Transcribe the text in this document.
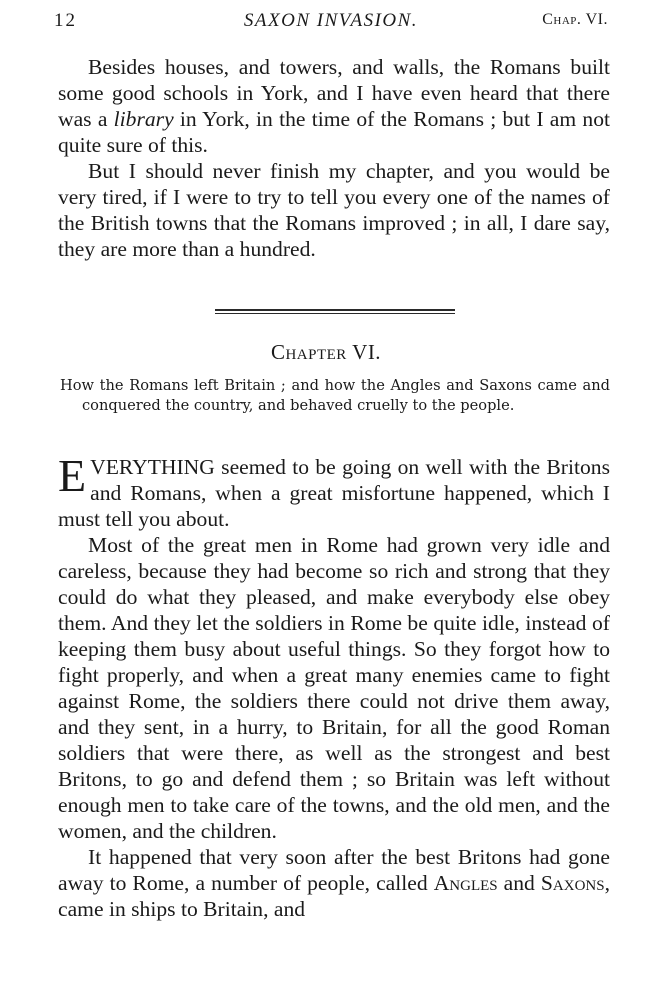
12	SAXON INVASION.	Chap. VI.

Besides houses, and towers, and walls, the Romans built some good schools in York, and I have even heard that there was a library in York, in the time of the Romans ; but I am not quite sure of this.

But I should never finish my chapter, and you would be very tired, if I were to try to tell you every one of the names of the British towns that the Romans improved ; in all, I dare say, they are more than a hundred.

Chapter VI.
How the Romans left Britain ; and how the Angles and Saxons came and conquered the country, and behaved cruelly to the people.

EVERYTHING seemed to be going on well with the Britons and Romans, when a great misfortune happened, which I must tell you about.

Most of the great men in Rome had grown very idle and careless, because they had become so rich and strong that they could do what they pleased, and make everybody else obey them. And they let the soldiers in Rome be quite idle, instead of keeping them busy about useful things. So they forgot how to fight properly, and when a great many enemies came to fight against Rome, the soldiers there could not drive them away, and they sent, in a hurry, to Britain, for all the good Roman soldiers that were there, as well as the strongest and best Britons, to go and defend them ; so Britain was left without enough men to take care of the towns, and the old men, and the women, and the children.

It happened that very soon after the best Britons had gone away to Rome, a number of people, called Angles and Saxons, came in ships to Britain, and
